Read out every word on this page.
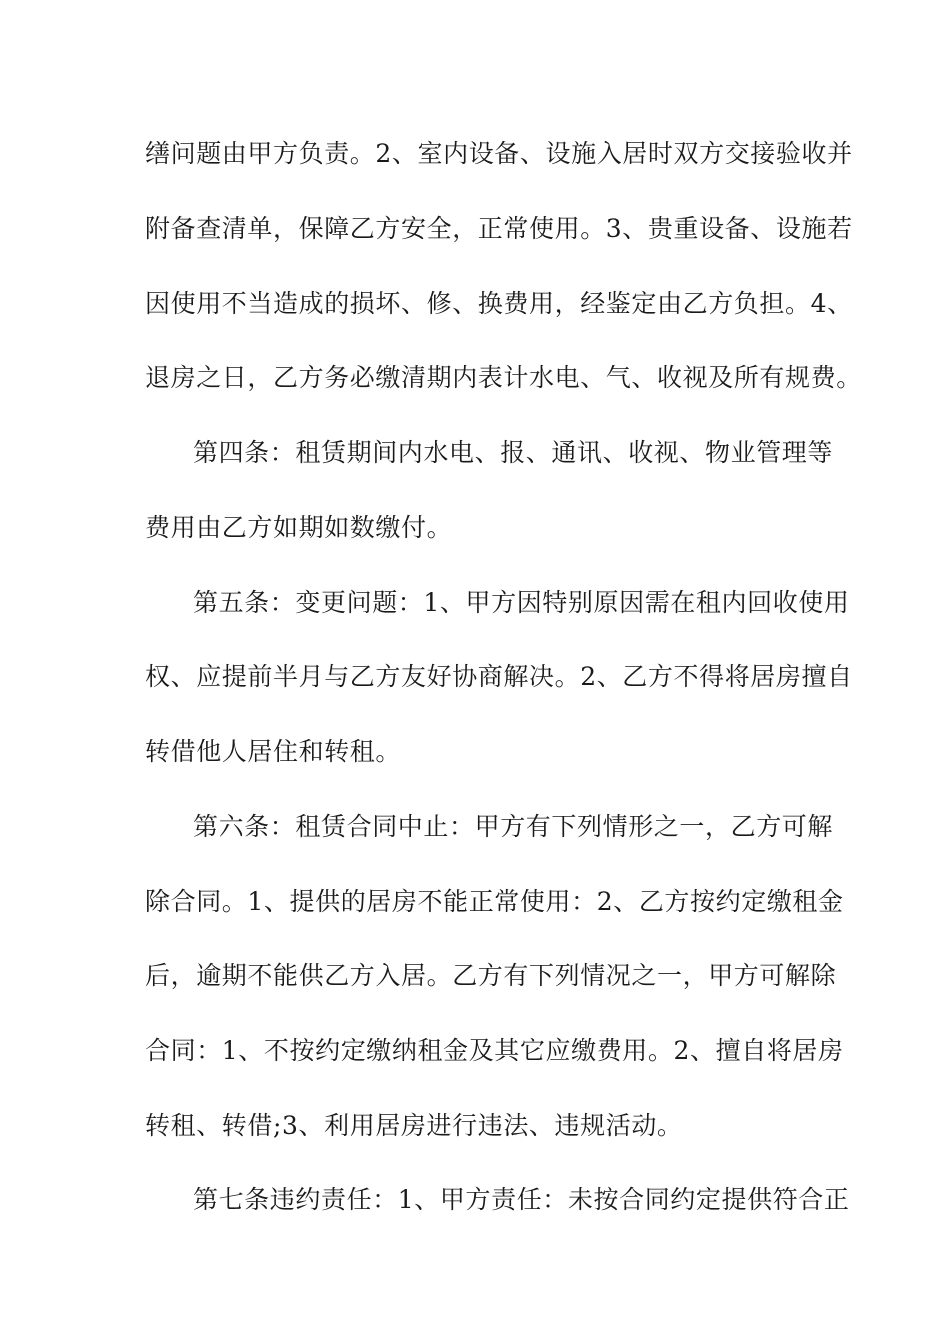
缮问题由甲方负责。2、室内设备、设施入居时双方交接验收并
附备查清单，保障乙方安全，正常使用。3、贵重设备、设施若
因使用不当造成的损坏、修、换费用，经鉴定由乙方负担。4、
退房之日，乙方务必缴清期内表计水电、气、收视及所有规费。
第四条：租赁期间内水电、报、通讯、收视、物业管理等
费用由乙方如期如数缴付。
第五条：变更问题：1、甲方因特别原因需在租内回收使用
权、应提前半月与乙方友好协商解决。2、乙方不得将居房擅自
转借他人居住和转租。
第六条：租赁合同中止：甲方有下列情形之一，乙方可解
除合同。1、提供的居房不能正常使用：2、乙方按约定缴租金
后，逾期不能供乙方入居。乙方有下列情况之一，甲方可解除
合同：1、不按约定缴纳租金及其它应缴费用。2、擅自将居房
转租、转借;3、利用居房进行违法、违规活动。
第七条违约责任：1、甲方责任：未按合同约定提供符合正
